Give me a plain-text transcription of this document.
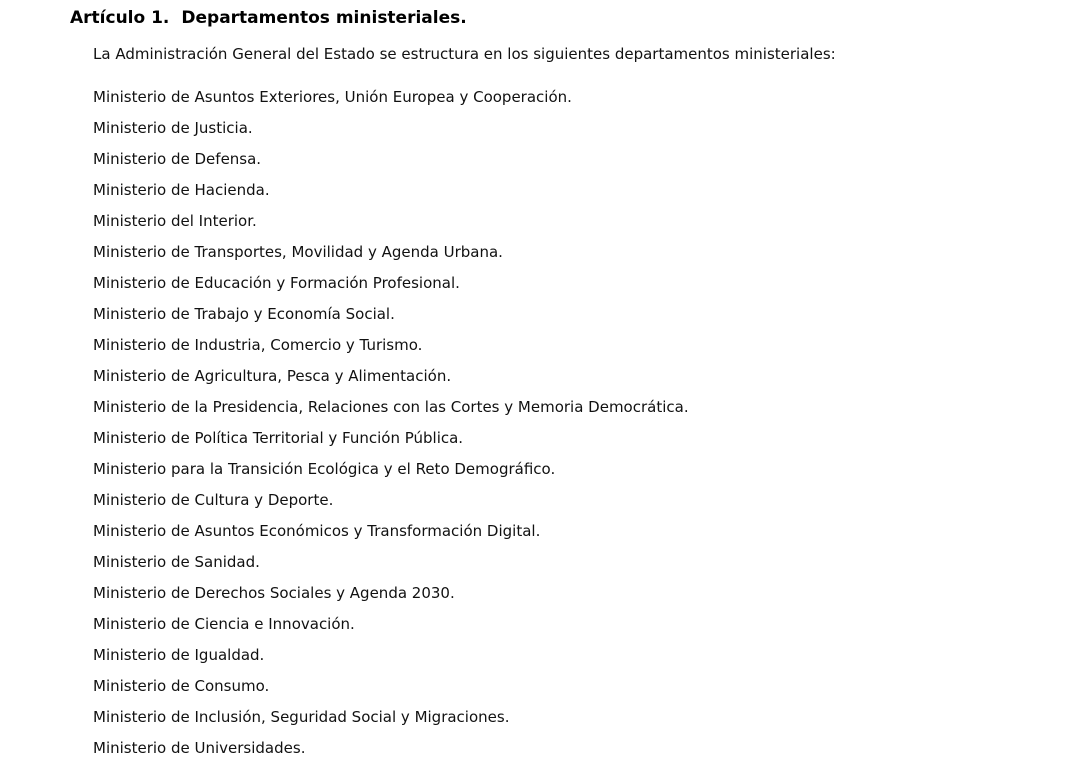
Artículo 1. Departamentos ministeriales.

La Administración General del Estado se estructura en los siguientes departamentos ministeriales:

Ministerio de Asuntos Exteriores, Unión Europea y Cooperación.
Ministerio de Justicia.
Ministerio de Defensa.
Ministerio de Hacienda.
Ministerio del Interior.
Ministerio de Transportes, Movilidad y Agenda Urbana.
Ministerio de Educación y Formación Profesional.
Ministerio de Trabajo y Economía Social.
Ministerio de Industria, Comercio y Turismo.
Ministerio de Agricultura, Pesca y Alimentación.
Ministerio de la Presidencia, Relaciones con las Cortes y Memoria Democrática.
Ministerio de Política Territorial y Función Pública.
Ministerio para la Transición Ecológica y el Reto Demográfico.
Ministerio de Cultura y Deporte.
Ministerio de Asuntos Económicos y Transformación Digital.
Ministerio de Sanidad.
Ministerio de Derechos Sociales y Agenda 2030.
Ministerio de Ciencia e Innovación.
Ministerio de Igualdad.
Ministerio de Consumo.
Ministerio de Inclusión, Seguridad Social y Migraciones.
Ministerio de Universidades.
